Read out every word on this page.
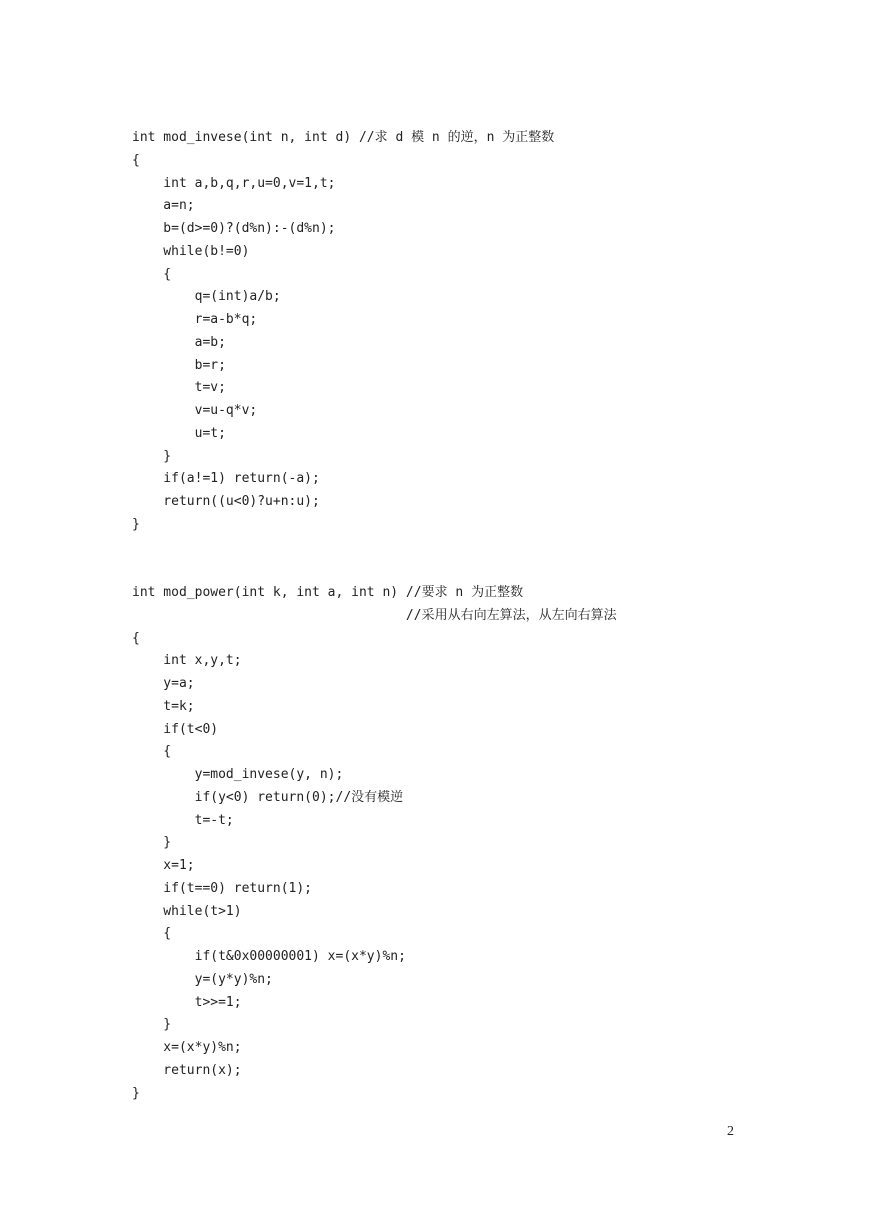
int mod_invese(int n, int d) //求 d 模 n 的逆，n 为正整数
{
int a,b,q,r,u=0,v=1,t;
a=n;
b=(d>=0)?(d%n):-(d%n);
while(b!=0)
{
q=(int)a/b;
r=a-b*q;
a=b;
b=r;
t=v;
v=u-q*v;
u=t;
}
if(a!=1) return(-a);
return((u<0)?u+n:u);
}
int mod_power(int k, int a, int n) //要求 n 为正整数
//采用从右向左算法，从左向右算法
{
int x,y,t;
y=a;
t=k;
if(t<0)
{
y=mod_invese(y, n);
if(y<0) return(0);//没有模逆
t=-t;
}
x=1;
if(t==0) return(1);
while(t>1)
{
if(t&0x00000001) x=(x*y)%n;
y=(y*y)%n;
t>>=1;
}
x=(x*y)%n;
return(x);
}
2
